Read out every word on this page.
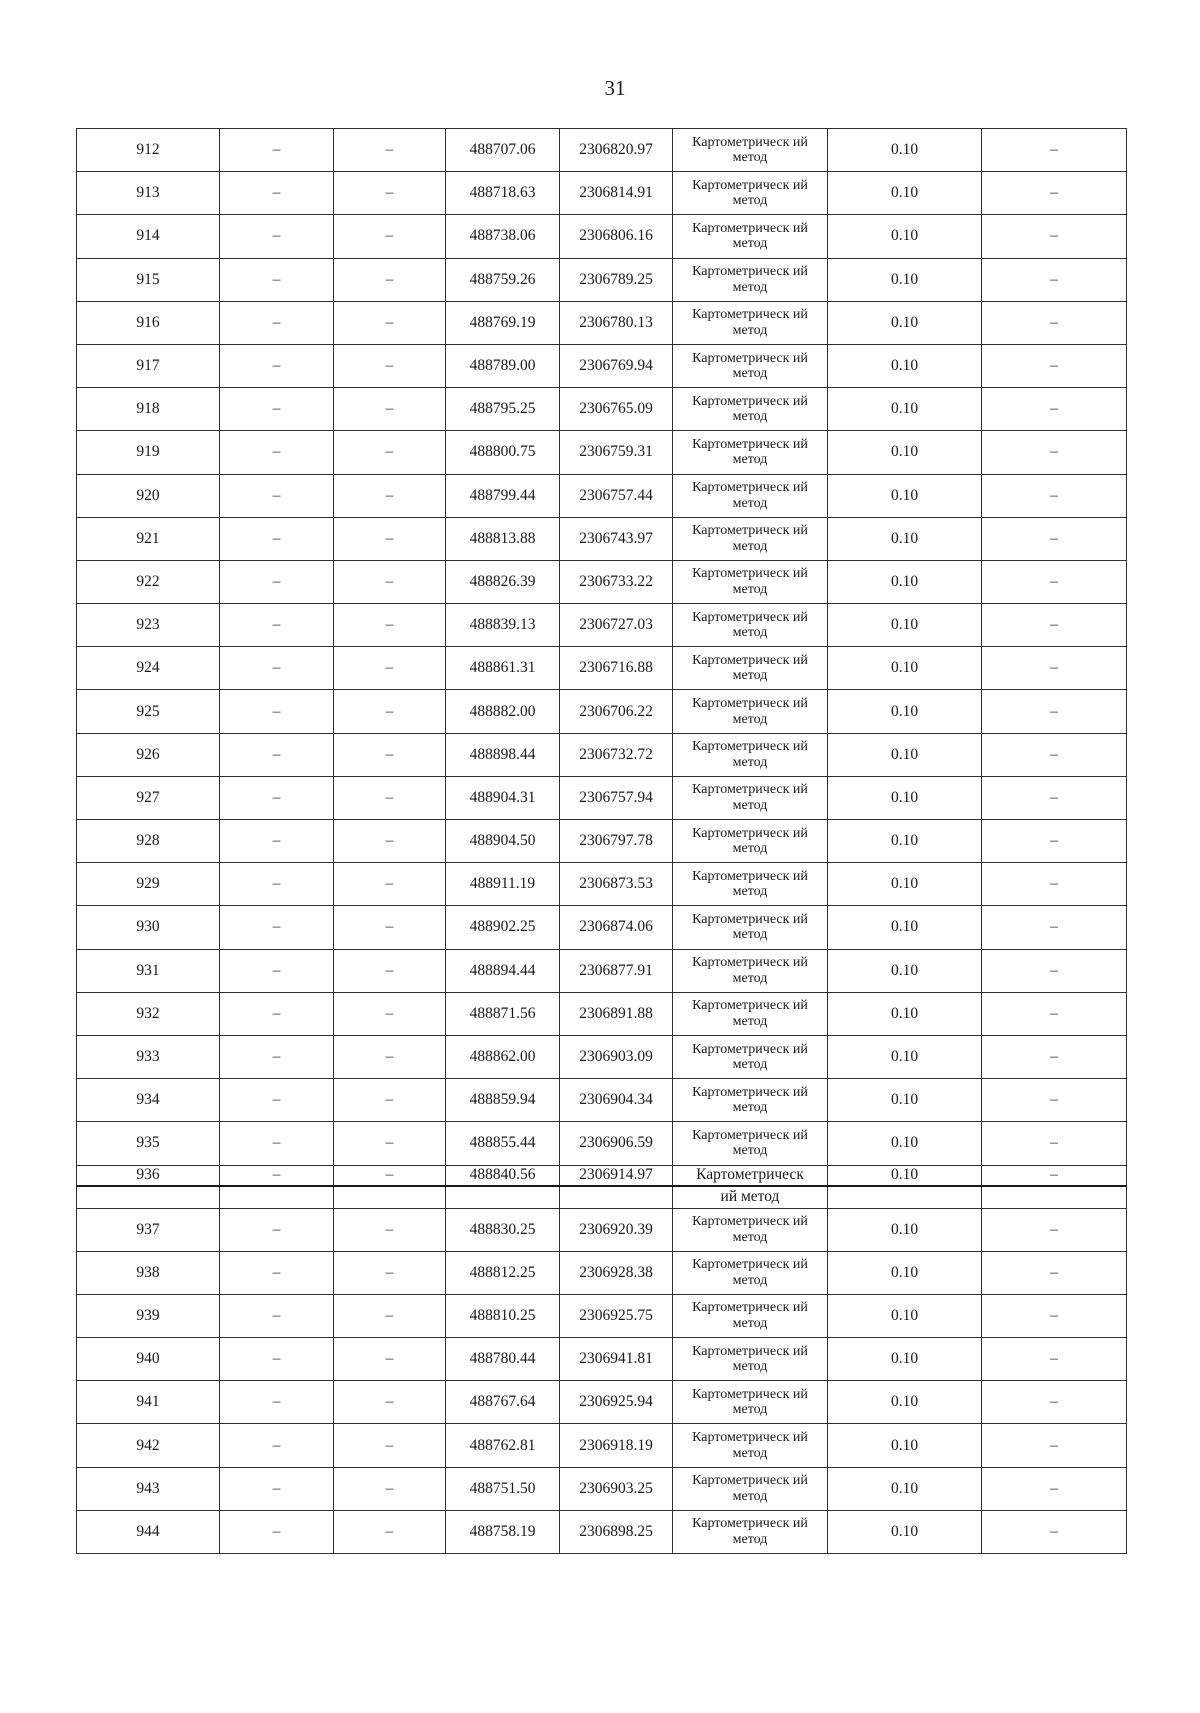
31
912	–	–	488707.06	2306820.97	Картометрическ ий метод	0.10	–
913	–	–	488718.63	2306814.91	Картометрическ ий метод	0.10	–
914	–	–	488738.06	2306806.16	Картометрическ ий метод	0.10	–
915	–	–	488759.26	2306789.25	Картометрическ ий метод	0.10	–
916	–	–	488769.19	2306780.13	Картометрическ ий метод	0.10	–
917	–	–	488789.00	2306769.94	Картометрическ ий метод	0.10	–
918	–	–	488795.25	2306765.09	Картометрическ ий метод	0.10	–
919	–	–	488800.75	2306759.31	Картометрическ ий метод	0.10	–
920	–	–	488799.44	2306757.44	Картометрическ ий метод	0.10	–
921	–	–	488813.88	2306743.97	Картометрическ ий метод	0.10	–
922	–	–	488826.39	2306733.22	Картометрическ ий метод	0.10	–
923	–	–	488839.13	2306727.03	Картометрическ ий метод	0.10	–
924	–	–	488861.31	2306716.88	Картометрическ ий метод	0.10	–
925	–	–	488882.00	2306706.22	Картометрическ ий метод	0.10	–
926	–	–	488898.44	2306732.72	Картометрическ ий метод	0.10	–
927	–	–	488904.31	2306757.94	Картометрическ ий метод	0.10	–
928	–	–	488904.50	2306797.78	Картометрическ ий метод	0.10	–
929	–	–	488911.19	2306873.53	Картометрическ ий метод	0.10	–
930	–	–	488902.25	2306874.06	Картометрическ ий метод	0.10	–
931	–	–	488894.44	2306877.91	Картометрическ ий метод	0.10	–
932	–	–	488871.56	2306891.88	Картометрическ ий метод	0.10	–
933	–	–	488862.00	2306903.09	Картометрическ ий метод	0.10	–
934	–	–	488859.94	2306904.34	Картометрическ ий метод	0.10	–
935	–	–	488855.44	2306906.59	Картометрическ ий метод	0.10	–
936	–	–	488840.56	2306914.97	Картометрическ	0.10	–
					ий метод		
937	–	–	488830.25	2306920.39	Картометрическ ий метод	0.10	–
938	–	–	488812.25	2306928.38	Картометрическ ий метод	0.10	–
939	–	–	488810.25	2306925.75	Картометрическ ий метод	0.10	–
940	–	–	488780.44	2306941.81	Картометрическ ий метод	0.10	–
941	–	–	488767.64	2306925.94	Картометрическ ий метод	0.10	–
942	–	–	488762.81	2306918.19	Картометрическ ий метод	0.10	–
943	–	–	488751.50	2306903.25	Картометрическ ий метод	0.10	–
944	–	–	488758.19	2306898.25	Картометрическ ий метод	0.10	–
